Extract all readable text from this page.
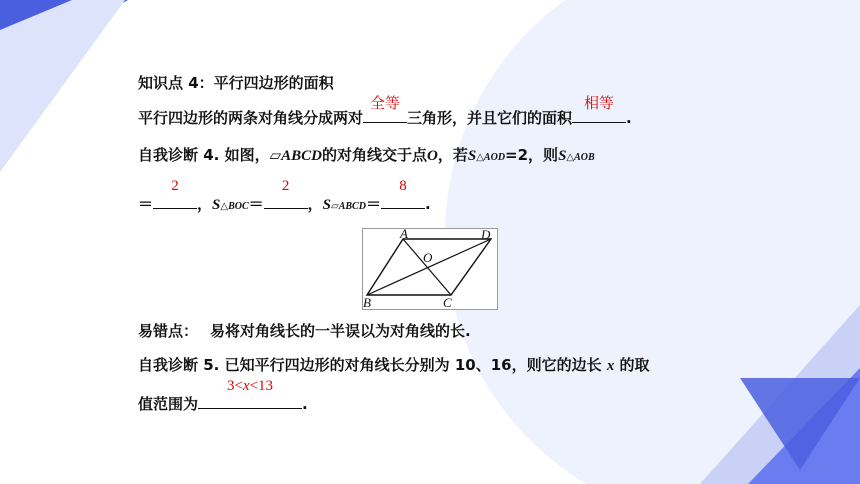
知识点 4：平行四边形的面积
平行四边形的两条对角线分成两对
全等
三角形，并且它们的面积
相等
.
自我诊断 4. 如图，▱ABCD的对角线交于点O，若S△AOD=2，则S△AOB
＝
2
，S△BOC＝
2
，S▱ABCD＝
8
.
A	D
O
B	C
易错点： 易将对角线长的一半误以为对角线的长.
自我诊断 5. 已知平行四边形的对角线长分别为 10、16，则它的边长 x 的取
值范围为
3<x<13
.
